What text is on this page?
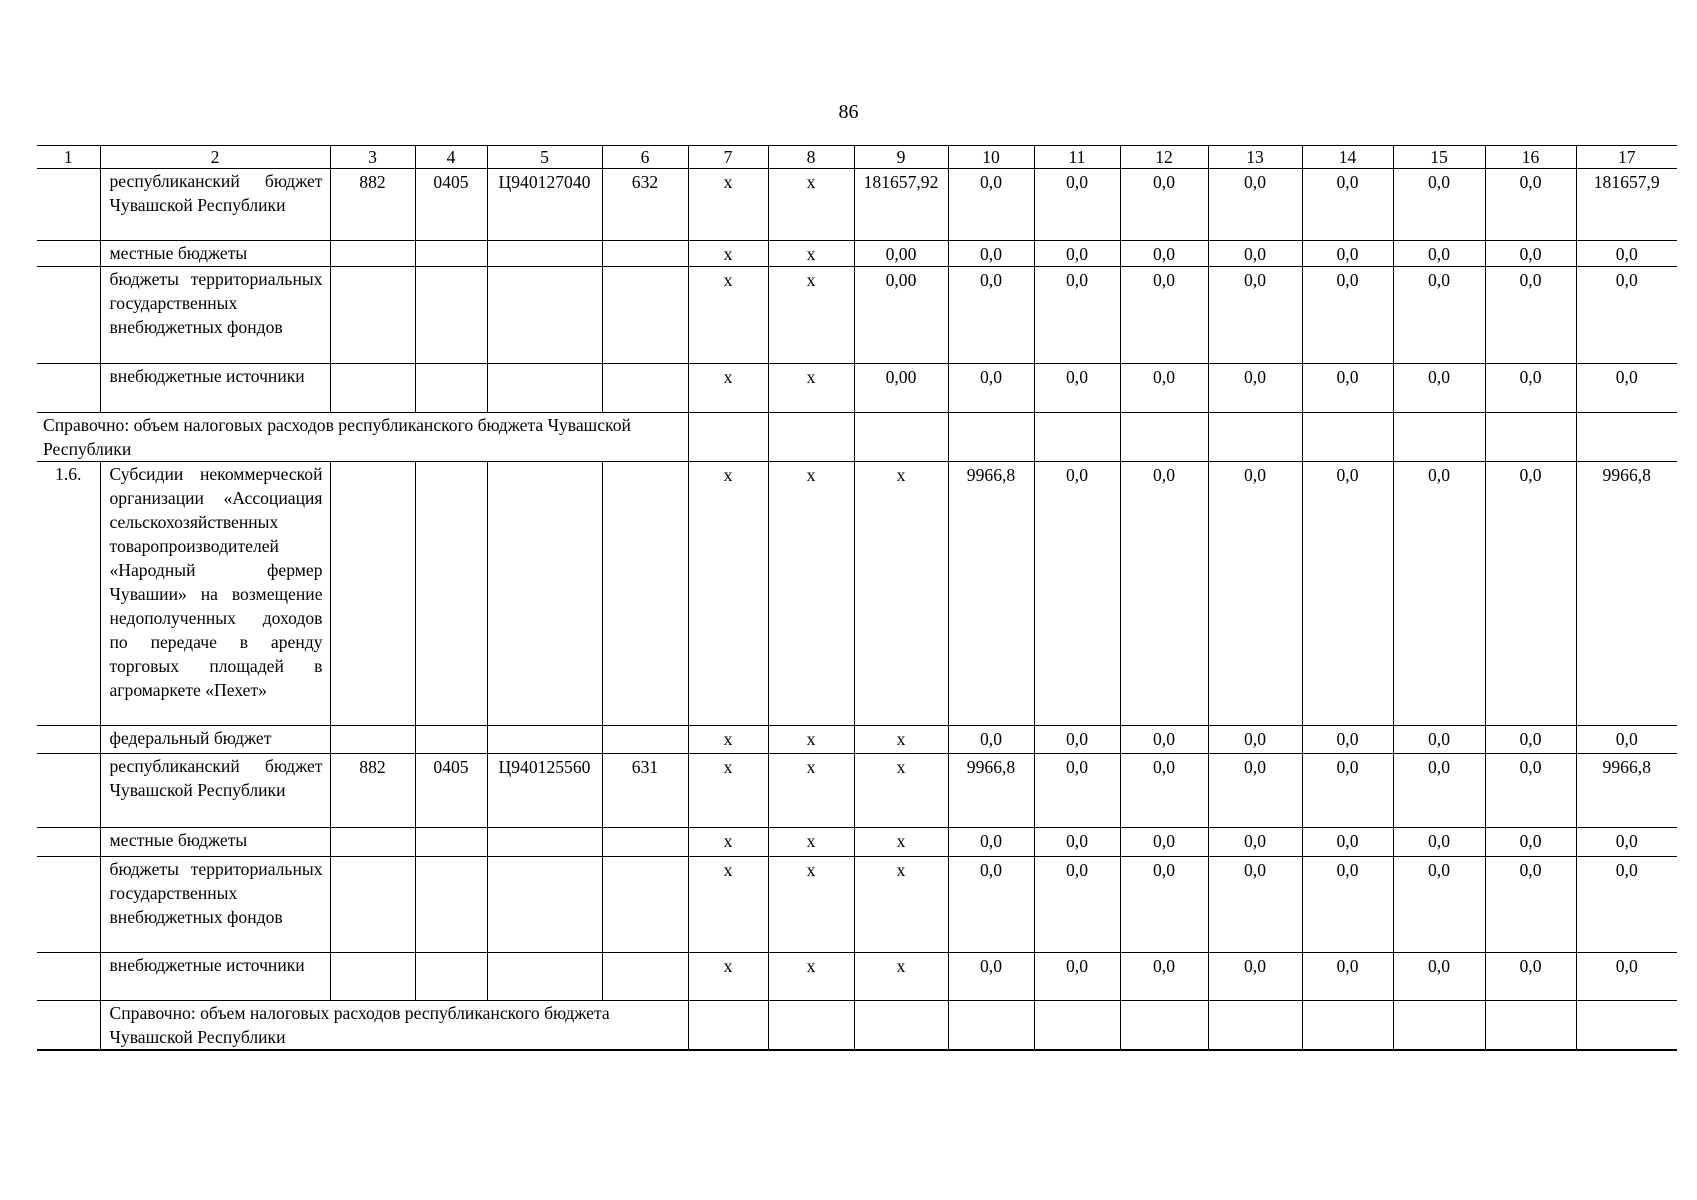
86
1	2	3	4	5	6	7	8	9	10	11	12	13	14	15	16	17
	республиканский бюджет Чувашской Республики	882	0405	Ц940127040	632	х	х	181657,92	0,0	0,0	0,0	0,0	0,0	0,0	0,0	181657,9
	местные бюджеты					х	х	0,00	0,0	0,0	0,0	0,0	0,0	0,0	0,0	0,0
	бюджеты территориальных государственных внебюджетных фондов					х	х	0,00	0,0	0,0	0,0	0,0	0,0	0,0	0,0	0,0
	внебюджетные источники					х	х	0,00	0,0	0,0	0,0	0,0	0,0	0,0	0,0	0,0
Справочно: объем налоговых расходов республиканского бюджета Чувашской Республики																
1.6.	Субсидии некоммерческой организации «Ассоциация сельскохозяйственных товаропроизводителей «Народный фермер Чувашии» на возмещение недополученных доходов по передаче в аренду торговых площадей в агромаркете «Пехет»					х	х	х	9966,8	0,0	0,0	0,0	0,0	0,0	0,0	9966,8
	федеральный бюджет					х	х	х	0,0	0,0	0,0	0,0	0,0	0,0	0,0	0,0
	республиканский бюджет Чувашской Республики	882	0405	Ц940125560	631	х	х	х	9966,8	0,0	0,0	0,0	0,0	0,0	0,0	9966,8
	местные бюджеты					х	х	х	0,0	0,0	0,0	0,0	0,0	0,0	0,0	0,0
	бюджеты территориальных государственных внебюджетных фондов					х	х	х	0,0	0,0	0,0	0,0	0,0	0,0	0,0	0,0
	внебюджетные источники					х	х	х	0,0	0,0	0,0	0,0	0,0	0,0	0,0	0,0
	Справочно: объем налоговых расходов республиканского бюджета Чувашской Республики															
